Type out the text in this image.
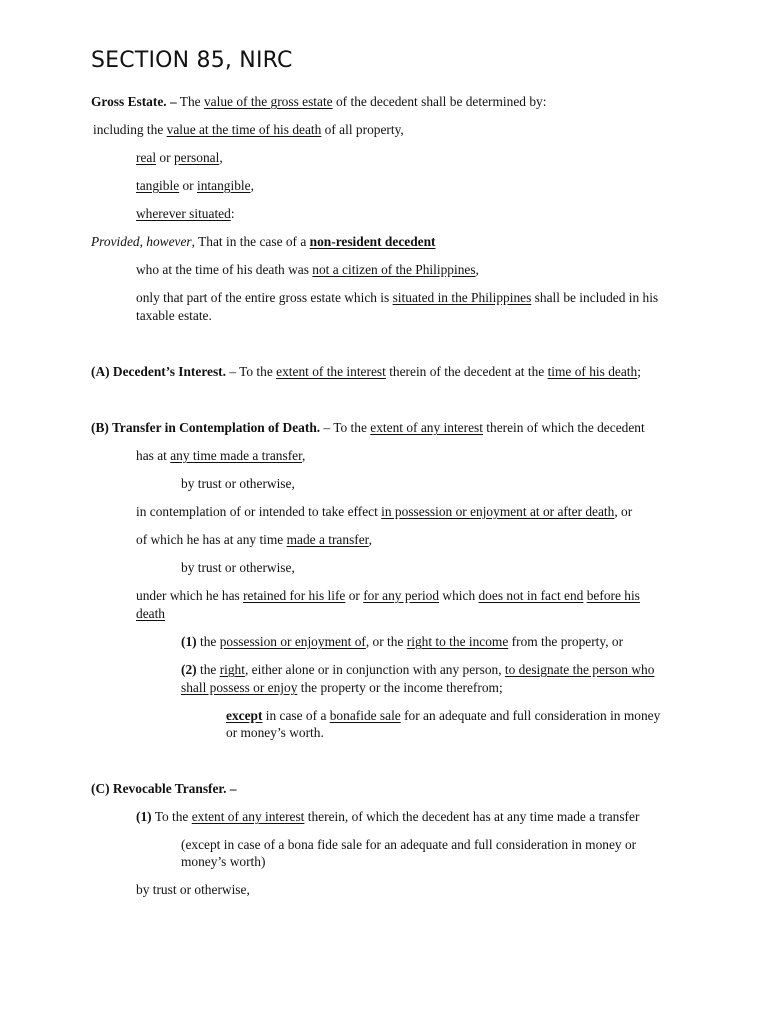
SECTION 85, NIRC
Gross Estate. – The value of the gross estate of the decedent shall be determined by:
including the value at the time of his death of all property,
real or personal,
tangible or intangible,
wherever situated:
Provided, however, That in the case of a non-resident decedent
who at the time of his death was not a citizen of the Philippines,
only that part of the entire gross estate which is situated in the Philippines shall be included in his
taxable estate.
(A) Decedent’s Interest. – To the extent of the interest therein of the decedent at the time of his death;
(B) Transfer in Contemplation of Death. – To the extent of any interest therein of which the decedent
has at any time made a transfer,
by trust or otherwise,
in contemplation of or intended to take effect in possession or enjoyment at or after death, or
of which he has at any time made a transfer,
by trust or otherwise,
under which he has retained for his life or for any period which does not in fact end before his
death
(1) the possession or enjoyment of, or the right to the income from the property, or
(2) the right, either alone or in conjunction with any person, to designate the person who
shall possess or enjoy the property or the income therefrom;
except in case of a bonafide sale for an adequate and full consideration in money
or money’s worth.
(C) Revocable Transfer. –
(1) To the extent of any interest therein, of which the decedent has at any time made a transfer
(except in case of a bona fide sale for an adequate and full consideration in money or
money’s worth)
by trust or otherwise,
